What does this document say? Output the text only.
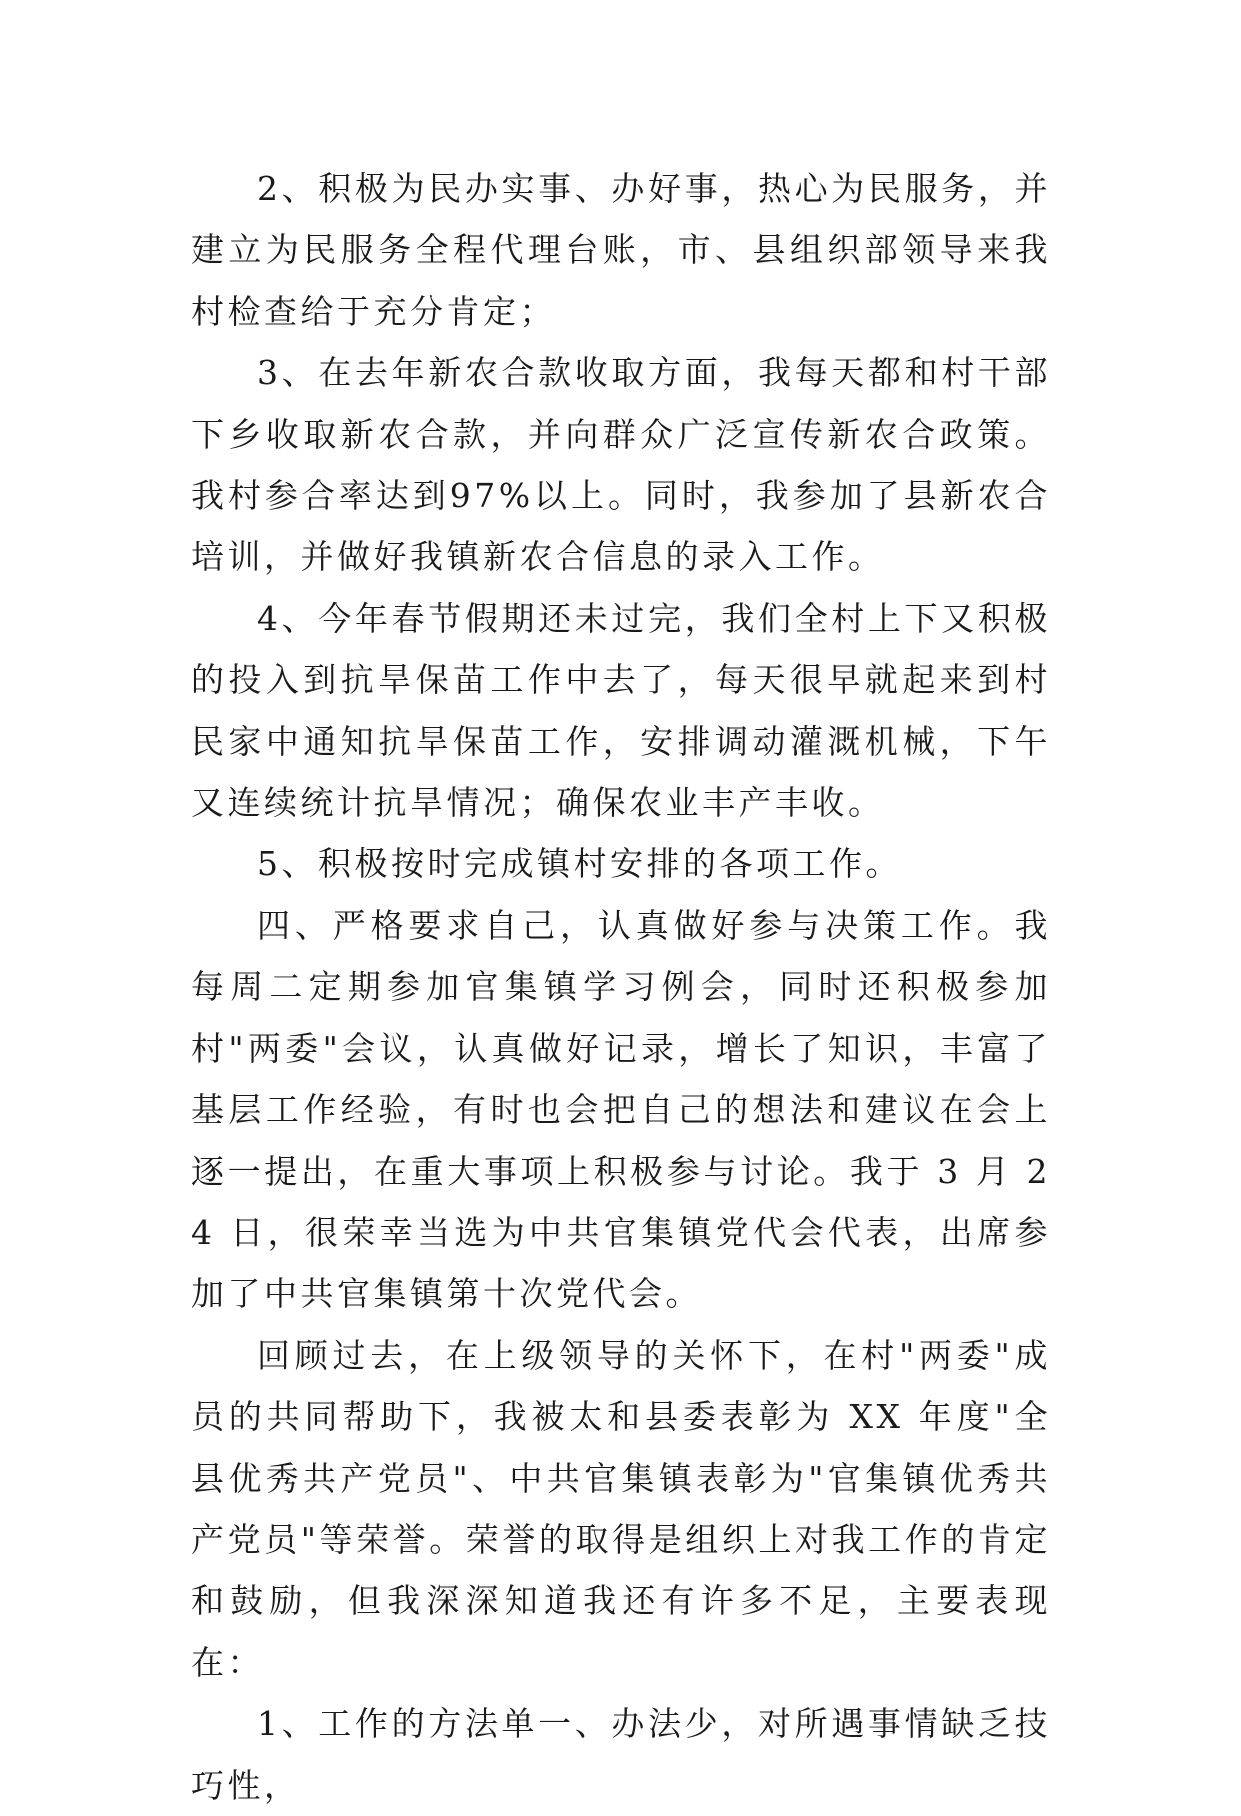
2、积极为民办实事、办好事，热心为民服务，并建立为民服务全程代理台账，市、县组织部领导来我村检查给于充分肯定；

3、在去年新农合款收取方面，我每天都和村干部下乡收取新农合款，并向群众广泛宣传新农合政策。我村参合率达到97%以上。同时，我参加了县新农合培训，并做好我镇新农合信息的录入工作。

4、今年春节假期还未过完，我们全村上下又积极的投入到抗旱保苗工作中去了，每天很早就起来到村民家中通知抗旱保苗工作，安排调动灌溉机械，下午又连续统计抗旱情况；确保农业丰产丰收。

5、积极按时完成镇村安排的各项工作。

四、严格要求自己，认真做好参与决策工作。我每周二定期参加官集镇学习例会，同时还积极参加村"两委"会议，认真做好记录，增长了知识，丰富了基层工作经验，有时也会把自己的想法和建议在会上逐一提出，在重大事项上积极参与讨论。我于 3 月 24 日，很荣幸当选为中共官集镇党代会代表，出席参加了中共官集镇第十次党代会。

回顾过去，在上级领导的关怀下，在村"两委"成员的共同帮助下，我被太和县委表彰为 XX 年度"全县优秀共产党员"、中共官集镇表彰为"官集镇优秀共产党员"等荣誉。荣誉的取得是组织上对我工作的肯定和鼓励，但我深深知道我还有许多不足，主要表现在：

1、工作的方法单一、办法少，对所遇事情缺乏技巧性，
